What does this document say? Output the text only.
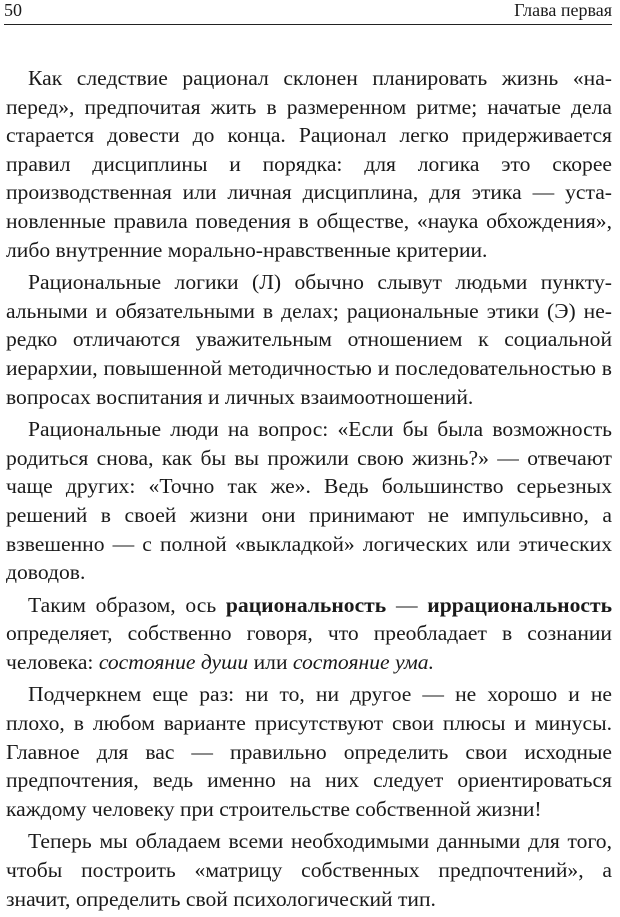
50	Глава первая

Как следствие рационал склонен планировать жизнь «наперед», предпочитая жить в размеренном ритме; начатые дела старается довести до конца. Рационал легко придерживается правил дисциплины и порядка: для логика это скорее производственная или личная дисциплина, для этика — установленные правила поведения в обществе, «наука обхождения», либо внутренние морально-нравственные критерии.

Рациональные логики (Л) обычно слывут людьми пунктуальными и обязательными в делах; рациональные этики (Э) нередко отличаются уважительным отношением к социальной иерархии, повышенной методичностью и последовательностью в вопросах воспитания и личных взаимоотношений.

Рациональные люди на вопрос: «Если бы была возможность родиться снова, как бы вы прожили свою жизнь?» — отвечают чаще других: «Точно так же». Ведь большинство серьезных решений в своей жизни они принимают не импульсивно, а взвешенно — с полной «выкладкой» логических или этических доводов.

Таким образом, ось рациональность — иррациональность определяет, собственно говоря, что преобладает в сознании человека: состояние души или состояние ума.

Подчеркнем еще раз: ни то, ни другое — не хорошо и не плохо, в любом варианте присутствуют свои плюсы и минусы. Главное для вас — правильно определить свои исходные предпочтения, ведь именно на них следует ориентироваться каждому человеку при строительстве собственной жизни!

Теперь мы обладаем всеми необходимыми данными для того, чтобы построить «матрицу собственных предпочтений», а значит, определить свой психологический тип.
